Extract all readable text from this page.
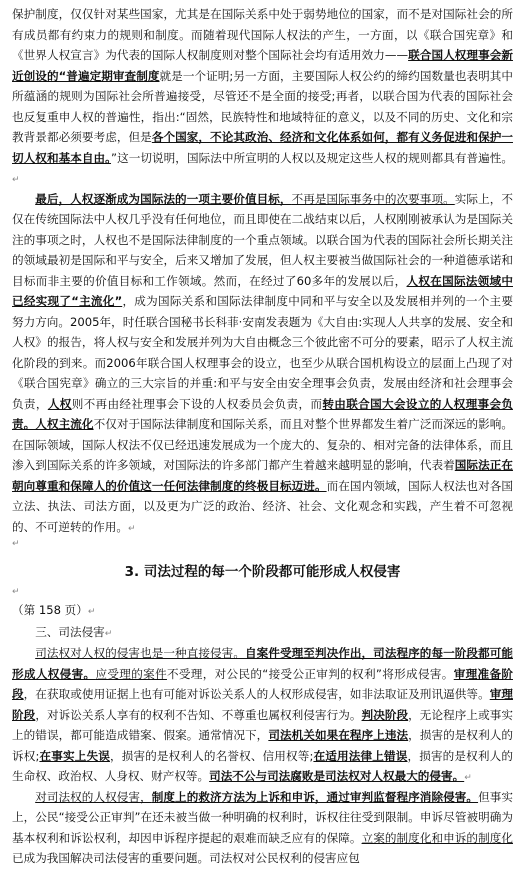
保护制度，仅仅针对某些国家，尤其是在国际关系中处于弱势地位的国家，而不是对国际社会的所有成员都有约束力的规则和制度。而随着现代国际人权法的产生，一方面，以《联合国宪章》和《世界人权宣言》为代表的国际人权制度则对整个国际社会均有适用效力——联合国人权理事会新近创设的“普遍定期审查制度就是一个证明;另一方面，主要国际人权公约的缔约国数量也表明其中所蕴涵的规则为国际社会所普遍接受，尽管还不是全面的接受;再者，以联合国为代表的国际社会也反复重申人权的普遍性，指出:“固然，民族特性和地域特征的意义，以及不同的历史、文化和宗教背景都必须要考虑，但是各个国家，不论其政治、经济和文化体系如何，都有义务促进和保护一切人权和基本自由。”这一切说明，国际法中所宣明的人权以及规定这些人权的规则都具有普遍性。↵

最后，人权逐渐成为国际法的一项主要价值目标，不再是国际事务中的次要事项。实际上，不仅在传统国际法中人权几乎没有任何地位，而且即使在二战结束以后，人权刚刚被承认为是国际关注的事项之时，人权也不是国际法律制度的一个重点领域。以联合国为代表的国际社会所长期关注的领域最初是国际和平与安全，后来又增加了发展，但人权主要被当做国际社会的一种道德承诺和目标而非主要的价值目标和工作领域。然而，在经过了60多年的发展以后，人权在国际法领域中已经实现了“主流化”，成为国际关系和国际法律制度中同和平与安全以及发展相并列的一个主要努力方向。2005年，时任联合国秘书长科菲·安南发表题为《大自由:实现人人共享的发展、安全和人权》的报告，将人权与安全和发展并列为大自由概念三个彼此密不可分的要素，昭示了人权主流化阶段的到来。而2006年联合国人权理事会的设立，也至少从联合国机构设立的层面上凸现了对《联合国宪章》确立的三大宗旨的并重:和平与安全由安全理事会负责，发展由经济和社会理事会负责，人权则不再由经社理事会下设的人权委员会负责，而转由联合国大会设立的人权理事会负责。人权主流化不仅对于国际法律制度和国际关系，而且对整个世界都发生着广泛而深远的影响。在国际领域，国际人权法不仅已经迅速发展成为一个庞大的、复杂的、相对完备的法律体系，而且渗入到国际关系的许多领域，对国际法的许多部门都产生着越来越明显的影响，代表着国际法正在朝向尊重和保障人的价值这一任何法律制度的终极目标迈进。而在国内领域，国际人权法也对各国立法、执法、司法方面，以及更为广泛的政治、经济、社会、文化观念和实践，产生着不可忽视的、不可逆转的作用。↵

↵

3. 司法过程的每一个阶段都可能形成人权侵害

↵

（第 158 页）↵

三、司法侵害↵

司法权对人权的侵害也是一种直接侵害。自案件受理至判决作出，司法程序的每一阶段都可能形成人权侵害。应受理的案件不受理，对公民的“接受公正审判的权利”将形成侵害。审理准备阶段，在获取或使用证据上也有可能对诉讼关系人的人权形成侵害，如非法取证及刑讯逼供等。审理阶段，对诉讼关系人享有的权利不告知、不尊重也属权利侵害行为。判决阶段，无论程序上或事实上的错误，都可能造成错案、假案。通常情况下，司法机关如果在程序上违法，损害的是权利人的诉权;在事实上失误，损害的是权利人的名誉权、信用权等;在适用法律上错误，损害的是权利人的生命权、政治权、人身权、财产权等。司法不公与司法腐败是司法权对人权最大的侵害。↵

对司法权的人权侵害，制度上的救济方法为上诉和申诉，通过审判监督程序消除侵害。但事实上，公民“接受公正审判”在还未被当做一种明确的权利时，诉权往往受到限制。申诉尽管被明确为基本权利和诉讼权利，却因申诉程序提起的艰难而缺乏应有的保障。立案的制度化和申诉的制度化已成为我国解决司法侵害的重要问题。司法权对公民权利的侵害应包
